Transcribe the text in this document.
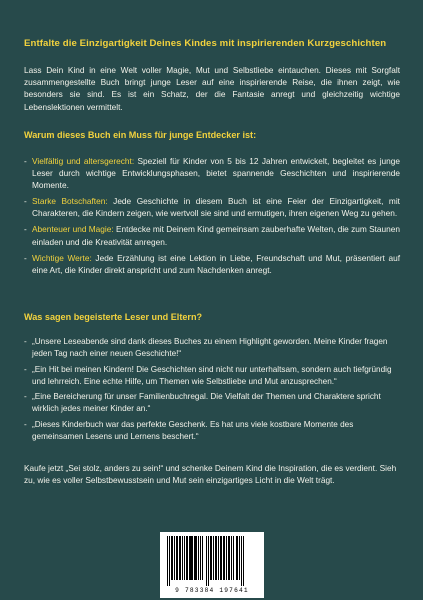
Entfalte die Einzigartigkeit Deines Kindes mit inspirierenden Kurzgeschichten
Lass Dein Kind in eine Welt voller Magie, Mut und Selbstliebe eintauchen. Dieses mit Sorgfalt zusammengestellte Buch bringt junge Leser auf eine inspirierende Reise, die ihnen zeigt, wie besonders sie sind. Es ist ein Schatz, der die Fantasie anregt und gleichzeitig wichtige Lebenslektionen vermittelt.
Warum dieses Buch ein Muss für junge Entdecker ist:
- Vielfältig und altersgerecht: Speziell für Kinder von 5 bis 12 Jahren entwickelt, begleitet es junge Leser durch wichtige Entwicklungsphasen, bietet spannende Geschichten und inspirierende Momente.
- Starke Botschaften: Jede Geschichte in diesem Buch ist eine Feier der Einzigartigkeit, mit Charakteren, die Kindern zeigen, wie wertvoll sie sind und ermutigen, ihren eigenen Weg zu gehen.
- Abenteuer und Magie: Entdecke mit Deinem Kind gemeinsam zauberhafte Welten, die zum Staunen einladen und die Kreativität anregen.
- Wichtige Werte: Jede Erzählung ist eine Lektion in Liebe, Freundschaft und Mut, präsentiert auf eine Art, die Kinder direkt anspricht und zum Nachdenken anregt.
Was sagen begeisterte Leser und Eltern?
- „Unsere Leseabende sind dank dieses Buches zu einem Highlight geworden. Meine Kinder fragen jeden Tag nach einer neuen Geschichte!“
- „Ein Hit bei meinen Kindern! Die Geschichten sind nicht nur unterhaltsam, sondern auch tiefgründig und lehrreich. Eine echte Hilfe, um Themen wie Selbstliebe und Mut anzusprechen.“
- „Eine Bereicherung für unser Familienbuchregal. Die Vielfalt der Themen und Charaktere spricht wirklich jedes meiner Kinder an.“
- „Dieses Kinderbuch war das perfekte Geschenk. Es hat uns viele kostbare Momente des gemeinsamen Lesens und Lernens beschert.“
Kaufe jetzt „Sei stolz, anders zu sein!“ und schenke Deinem Kind die Inspiration, die es verdient. Sieh zu, wie es voller Selbstbewusstsein und Mut sein einzigartiges Licht in die Welt trägt.
9 783384 197641
